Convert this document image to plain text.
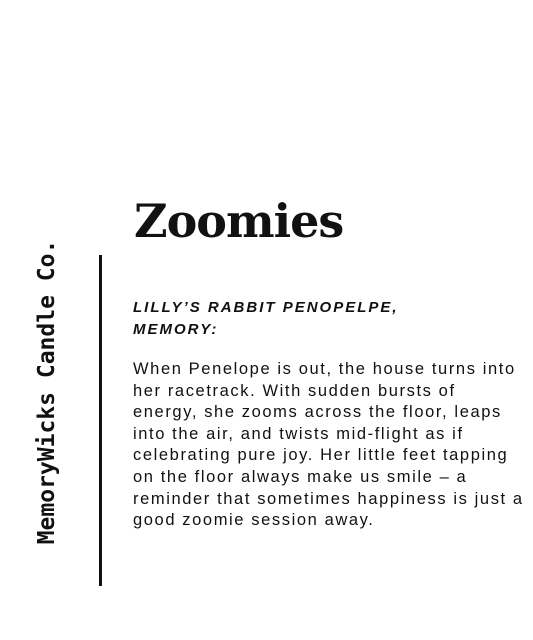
MemoryWicks Candle Co.
Zoomies

LILLY’S RABBIT PENOPELPE, MEMORY:

When Penelope is out, the house turns into her racetrack. With sudden bursts of energy, she zooms across the floor, leaps into the air, and twists mid-flight as if celebrating pure joy. Her little feet tapping on the floor always make us smile – a reminder that sometimes happiness is just a good zoomie session away.
